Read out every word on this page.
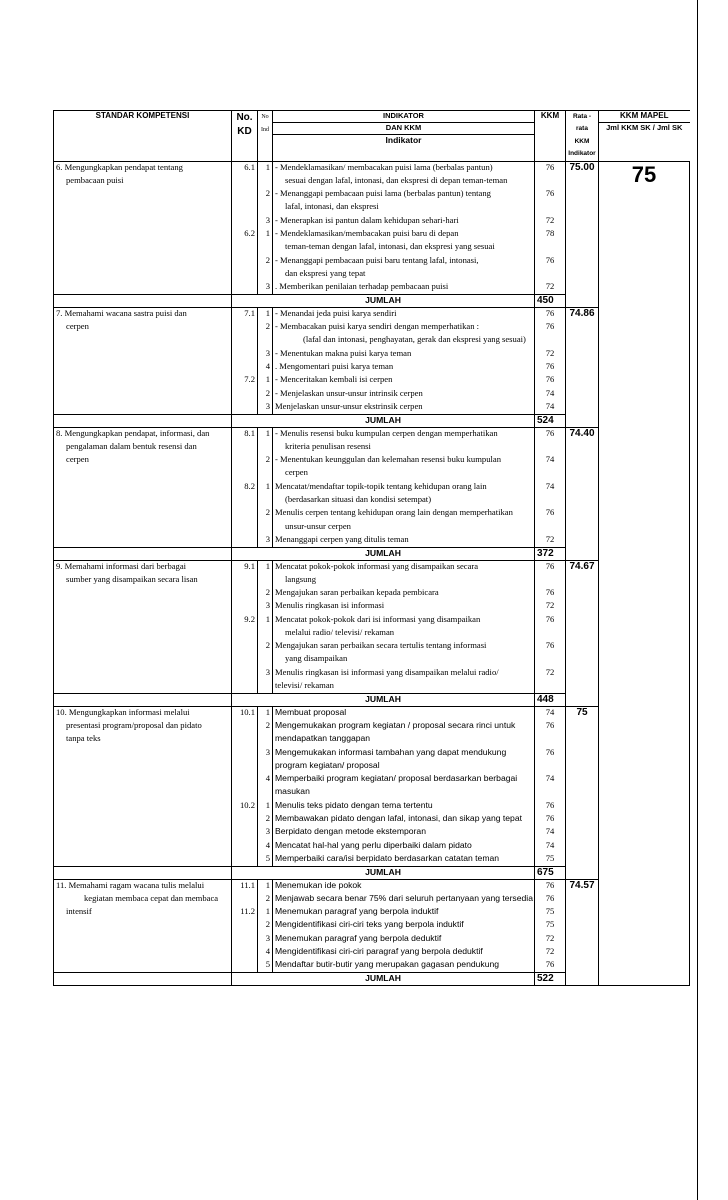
STANDAR KOMPETENSI	No.
KD	No
Ind	INDIKATOR	KKM	Rata -
rata
KKM
Indikator	KKM MAPEL
			DAN KKM			Jml KKM SK / Jml SK
			Indikator			
6. Mengungkapkan pendapat tentang	6.1	1	- Mendeklamasikan/ membacakan puisi lama (berbalas pantun)	76	75.00	75
pembacaan puisi			sesuai dengan lafal, intonasi, dan ekspresi di depan teman-teman			
		2	- Menanggapi pembacaan puisi lama (berbalas pantun) tentang	76		
			lafal, intonasi, dan ekspresi			
		3	- Menerapkan isi pantun dalam kehidupan sehari-hari	72		
	6.2	1	- Mendeklamasikan/membacakan puisi baru di depan	78		
			teman-teman dengan lafal, intonasi, dan ekspresi yang sesuai			
		2	- Menanggapi pembacaan puisi baru tentang lafal, intonasi,	76		
			dan ekspresi yang tepat			
		3	. Memberikan penilaian terhadap pembacaan puisi	72		
	JUMLAH			450		
7. Memahami wacana sastra puisi dan	7.1	1	- Menandai jeda puisi karya sendiri	76	74.86	
cerpen		2	- Membacakan puisi karya sendiri dengan memperhatikan :	76		
			(lafal dan intonasi, penghayatan, gerak dan ekspresi yang sesuai)			
		3	- Menentukan makna puisi karya teman	72		
		4	. Mengomentari puisi karya teman	76		
	7.2	1	- Menceritakan kembali isi cerpen	76		
		2	- Menjelaskan unsur-unsur intrinsik cerpen	74		
		3	Menjelaskan unsur-unsur ekstrinsik cerpen	74		
	JUMLAH			524		
8. Mengungkapkan pendapat, informasi, dan	8.1	1	- Menulis resensi buku kumpulan cerpen dengan memperhatikan	76	74.40	
pengalaman dalam bentuk resensi dan			kriteria penulisan resensi			
cerpen		2	- Menentukan keunggulan dan kelemahan resensi buku kumpulan	74		
			cerpen			
	8.2	1	Mencatat/mendaftar topik-topik tentang kehidupan orang lain	74		
			(berdasarkan situasi dan kondisi setempat)			
		2	Menulis cerpen tentang kehidupan orang lain dengan memperhatikan	76		
			unsur-unsur cerpen			
		3	Menanggapi cerpen yang ditulis teman	72		
	JUMLAH			372		
9. Memahami informasi dari berbagai	9.1	1	Mencatat pokok-pokok informasi yang disampaikan secara	76	74.67	
sumber yang disampaikan secara lisan			langsung			
		2	Mengajukan saran perbaikan kepada pembicara	76		
		3	Menulis ringkasan isi informasi	72		
	9.2	1	Mencatat pokok-pokok dari isi informasi yang disampaikan	76		
			melalui radio/ televisi/ rekaman			
		2	Mengajukan saran perbaikan secara tertulis tentang informasi	76		
			yang disampaikan			
		3	Menulis ringkasan isi informasi yang disampaikan melalui radio/	72		
			televisi/ rekaman			
	JUMLAH			448		
10. Mengungkapkan informasi melalui	10.1	1	Membuat proposal	74	75	
presentasi program/proposal dan pidato		2	Mengemukakan program kegiatan / proposal secara rinci untuk	76		
tanpa teks			mendapatkan tanggapan			
		3	Mengemukakan informasi tambahan yang dapat mendukung	76		
			program kegiatan/ proposal			
		4	Memperbaiki program kegiatan/ proposal berdasarkan berbagai	74		
			masukan			
	10.2	1	Menulis teks pidato dengan tema tertentu	76		
		2	Membawakan pidato dengan lafal, intonasi, dan sikap yang tepat	76		
		3	Berpidato dengan metode ekstemporan	74		
		4	Mencatat hal-hal yang perlu diperbaiki dalam pidato	74		
		5	Memperbaiki cara/isi berpidato berdasarkan catatan teman	75		
	JUMLAH			675		
11. Memahami ragam wacana tulis melalui	11.1	1	Menemukan ide pokok	76	74.57	
kegiatan membaca cepat dan membaca		2	Menjawab secara benar 75% dari seluruh pertanyaan yang tersedia	76		
intensif	11.2	1	Menemukan paragraf yang berpola induktif	75		
		2	Mengidentifikasi ciri-ciri teks yang berpola induktif	75		
		3	Menemukan paragraf yang berpola deduktif	72		
		4	Mengidentifikasi ciri-ciri paragraf yang berpola deduktif	72		
		5	Mendaftar butir-butir yang merupakan gagasan pendukung	76		
	JUMLAH			522		
